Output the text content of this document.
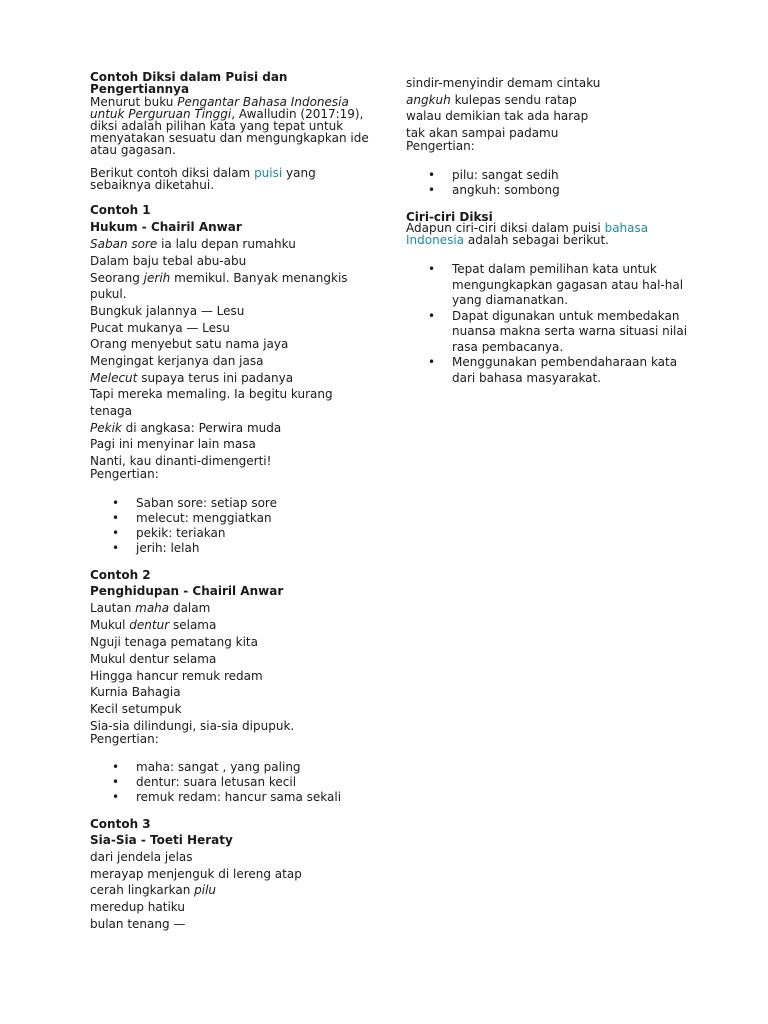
Contoh Diksi dalam Puisi dan Pengertiannya
Menurut buku Pengantar Bahasa Indonesia untuk Perguruan Tinggi, Awalludin (2017:19), diksi adalah pilihan kata yang tepat untuk menyatakan sesuatu dan mengungkapkan ide atau gagasan.
Berikut contoh diksi dalam puisi yang sebaiknya diketahui.
Contoh 1
Hukum - Chairil Anwar
Saban sore ia lalu depan rumahku
Dalam baju tebal abu-abu
Seorang jerih memikul. Banyak menangkis
pukul.
Bungkuk jalannya — Lesu
Pucat mukanya — Lesu
Orang menyebut satu nama jaya
Mengingat kerjanya dan jasa
Melecut supaya terus ini padanya
Tapi mereka memaling. Ia begitu kurang
tenaga
Pekik di angkasa: Perwira muda
Pagi ini menyinar lain masa
Nanti, kau dinanti-dimengerti!
Pengertian:
• Saban sore: setiap sore
• melecut: menggiatkan
• pekik: teriakan
• jerih: lelah
Contoh 2
Penghidupan - Chairil Anwar
Lautan maha dalam
Mukul dentur selama
Nguji tenaga pematang kita
Mukul dentur selama
Hingga hancur remuk redam
Kurnia Bahagia
Kecil setumpuk
Sia-sia dilindungi, sia-sia dipupuk.
Pengertian:
• maha: sangat , yang paling
• dentur: suara letusan kecil
• remuk redam: hancur sama sekali
Contoh 3
Sia-Sia - Toeti Heraty
dari jendela jelas
merayap menjenguk di lereng atap
cerah lingkarkan pilu
meredup hatiku
bulan tenang —
sindir-menyindir demam cintaku
angkuh kulepas sendu ratap
walau demikian tak ada harap
tak akan sampai padamu
Pengertian:
• pilu: sangat sedih
• angkuh: sombong
Ciri-ciri Diksi
Adapun ciri-ciri diksi dalam puisi bahasa Indonesia adalah sebagai berikut.
• Tepat dalam pemilihan kata untuk mengungkapkan gagasan atau hal-hal yang diamanatkan.
• Dapat digunakan untuk membedakan nuansa makna serta warna situasi nilai rasa pembacanya.
• Menggunakan pembendaharaan kata dari bahasa masyarakat.
